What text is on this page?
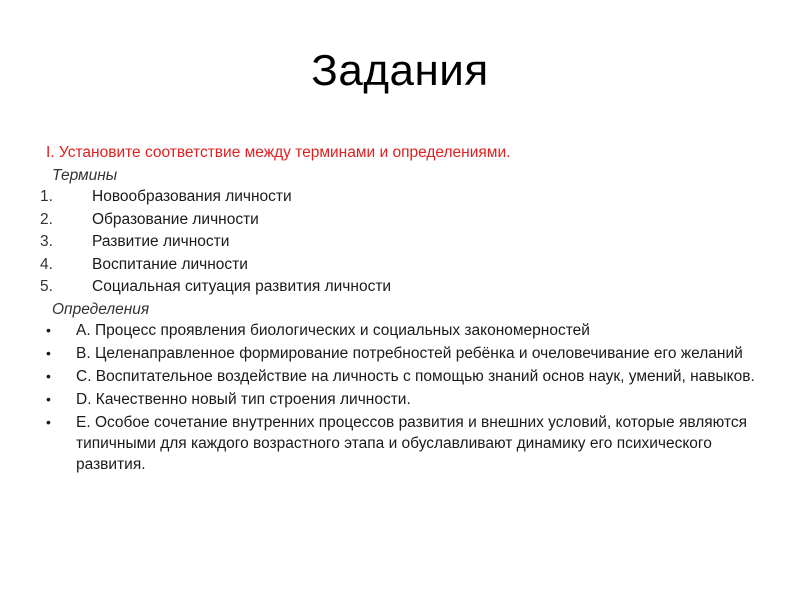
Задания
I. Установите соответствие между терминами и определениями.
Термины
1.	Новообразования личности
2.	Образование личности
3.	Развитие личности
4.	Воспитание личности
5.	Социальная ситуация развития личности
Определения
• А. Процесс проявления биологических и социальных закономерностей
• В. Целенаправленное формирование потребностей ребёнка и очеловечивание его желаний
• С. Воспитательное воздействие на личность с помощью знаний основ наук, умений, навыков.
• D. Качественно новый тип строения личности.
• Е. Особое сочетание внутренних процессов развития и внешних условий, которые являются типичными для каждого возрастного этапа и обуславливают динамику его психического развития.
